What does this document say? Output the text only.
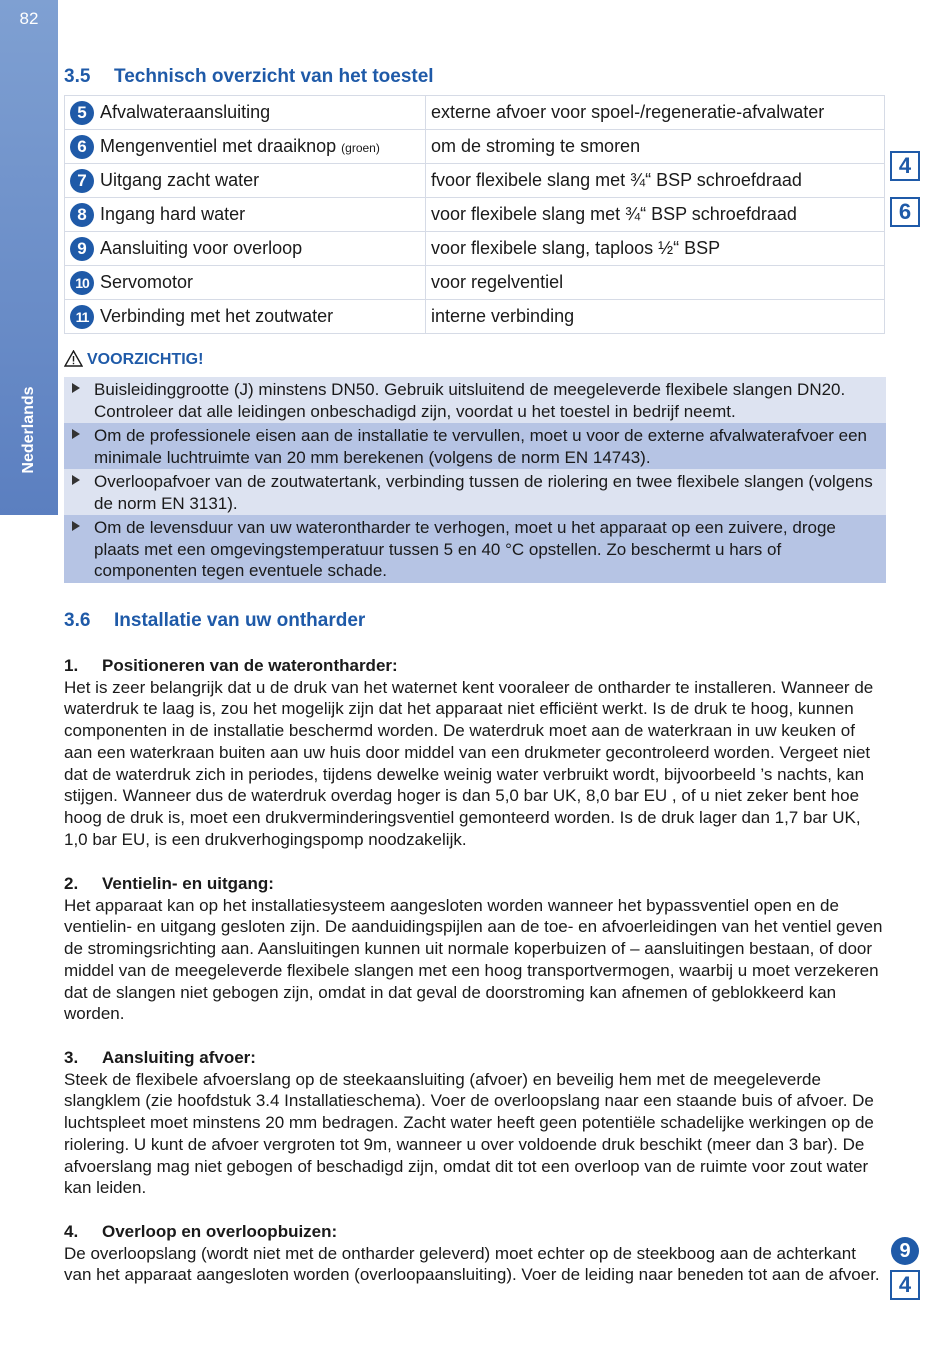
82
Nederlands
3.5 Technisch overzicht van het toestel
5 Afvalwateraansluiting	externe afvoer voor spoel-/regeneratie-afvalwater
6 Mengenventiel met draaiknop (groen)	om de stroming te smoren
7 Uitgang zacht water	fvoor flexibele slang met ¾“ BSP schroefdraad
8 Ingang hard water	voor flexibele slang met ¾“ BSP schroefdraad
9 Aansluiting voor overloop	voor flexibele slang, taploos ½“ BSP
10 Servomotor	voor regelventiel
11 Verbinding met het zoutwater	interne verbinding
VOORZICHTIG!
Buisleidinggrootte (J) minstens DN50. Gebruik uitsluitend de meegeleverde flexibele slangen DN20. Controleer dat alle leidingen onbeschadigd zijn, voordat u het toestel in bedrijf neemt.
Om de professionele eisen aan de installatie te vervullen, moet u voor de externe afvalwaterafvoer een minimale luchtruimte van 20 mm berekenen (volgens de norm EN 14743).
Overloopafvoer van de zoutwatertank, verbinding tussen de riolering en twee flexibele slangen (volgens de norm EN 3131).
Om de levensduur van uw waterontharder te verhogen, moet u het apparaat op een zuivere, droge plaats met een omgevingstemperatuur tussen 5 en 40 °C opstellen. Zo beschermt u hars of componenten tegen eventuele schade.
3.6 Installatie van uw ontharder
1. Positioneren van de waterontharder:

Het is zeer belangrijk dat u de druk van het waternet kent vooraleer de ontharder te installeren. Wanneer de waterdruk te laag is, zou het mogelijk zijn dat het apparaat niet efficiënt werkt. Is de druk te hoog, kunnen componenten in de installatie beschermd worden. De waterdruk moet aan de waterkraan in uw keuken of aan een waterkraan buiten aan uw huis door middel van een drukmeter gecontroleerd worden. Vergeet niet dat de waterdruk zich in periodes, tijdens dewelke weinig water verbruikt wordt, bijvoorbeeld ’s nachts, kan stijgen. Wanneer dus de waterdruk overdag hoger is dan 5,0 bar UK, 8,0 bar EU , of u niet zeker bent hoe hoog de druk is, moet een drukverminderingsventiel gemonteerd worden. Is de druk lager dan 1,7 bar UK, 1,0 bar EU, is een drukverhogingspomp noodzakelijk.

2. Ventielin- en uitgang:

Het apparaat kan op het installatiesysteem aangesloten worden wanneer het bypassventiel open en de ventielin- en uitgang gesloten zijn. De aanduidingspijlen aan de toe- en afvoerleidingen van het ventiel geven de stromingsrichting aan. Aansluitingen kunnen uit normale koperbuizen of – aansluitingen bestaan, of door middel van de meegeleverde flexibele slangen met een hoog transportvermogen, waarbij u moet verzekeren dat de slangen niet gebogen zijn, omdat in dat geval de doorstroming kan afnemen of geblokkeerd kan worden.

3. Aansluiting afvoer:

Steek de flexibele afvoerslang op de steekaansluiting (afvoer) en beveilig hem met de meegeleverde slangklem (zie hoofdstuk 3.4 Installatieschema). Voer de overloopslang naar een staande buis of afvoer. De luchtspleet moet minstens 20 mm bedragen. Zacht water heeft geen potentiële schadelijke werkingen op de riolering. U kunt de afvoer vergroten tot 9m, wanneer u over voldoende druk beschikt (meer dan 3 bar). De afvoerslang mag niet gebogen of beschadigd zijn, omdat dit tot een overloop van de ruimte voor zout water kan leiden.

4. Overloop en overloopbuizen:

De overloopslang (wordt niet met de ontharder geleverd) moet echter op de steekboog aan de achterkant van het apparaat aangesloten worden (overloopaansluiting). Voer de leiding naar beneden tot aan de afvoer.

4
6
9
4
